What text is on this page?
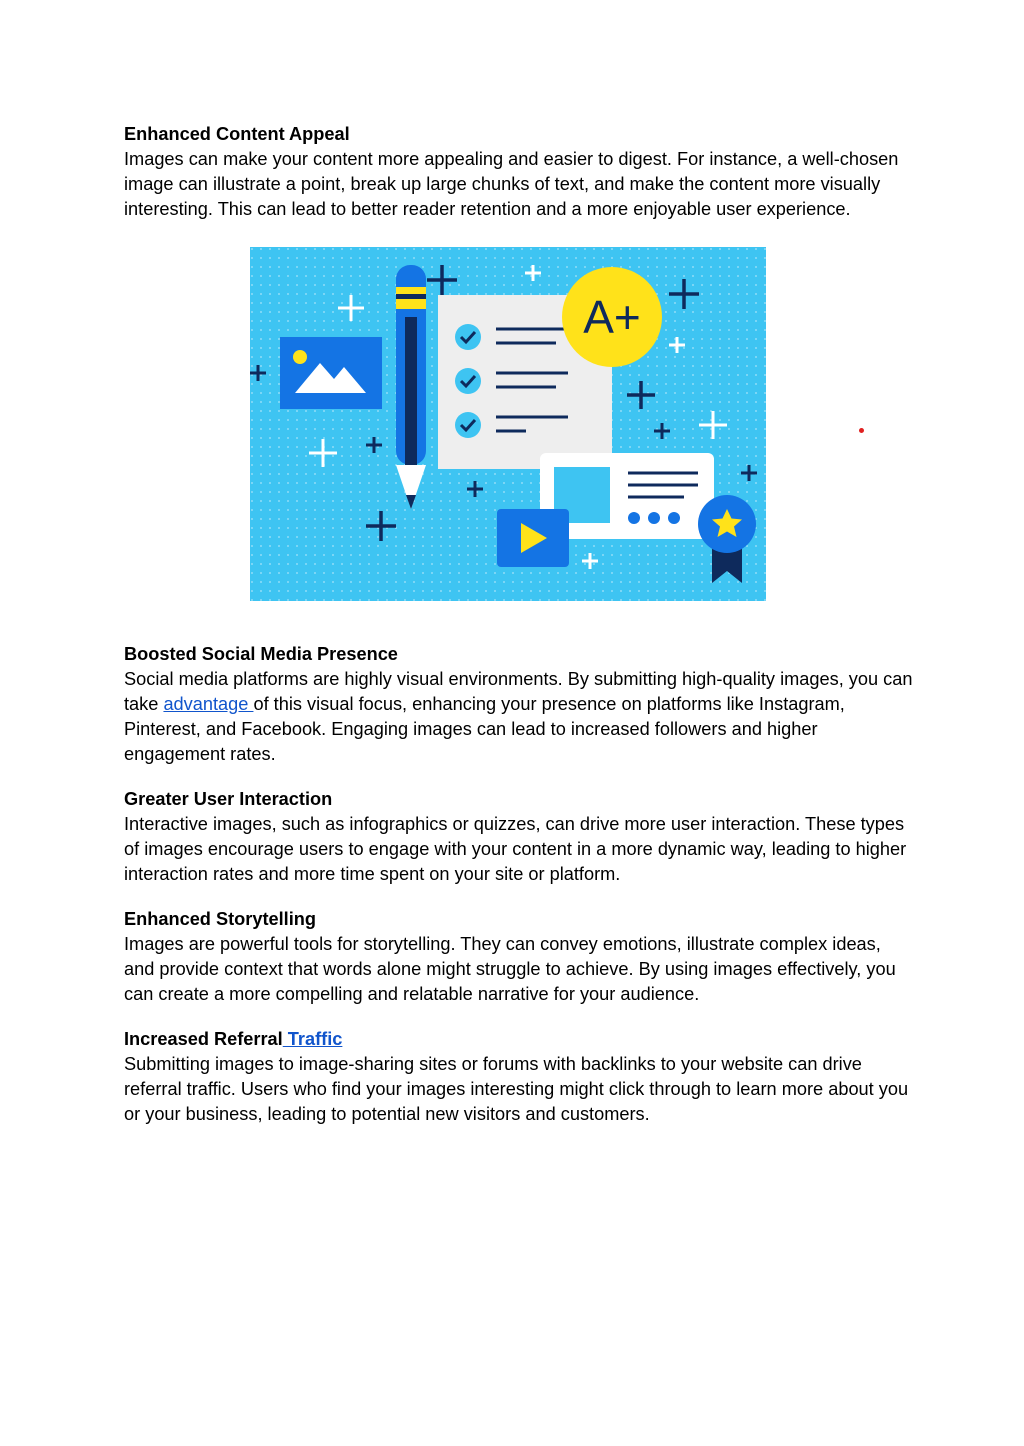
Enhanced Content Appeal

Images can make your content more appealing and easier to digest. For instance, a well-chosen image can illustrate a point, break up large chunks of text, and make the content more visually interesting. This can lead to better reader retention and a more enjoyable user experience.

A+

Boosted Social Media Presence

Social media platforms are highly visual environments. By submitting high-quality images, you can take advantage of this visual focus, enhancing your presence on platforms like Instagram, Pinterest, and Facebook. Engaging images can lead to increased followers and higher engagement rates.

Greater User Interaction

Interactive images, such as infographics or quizzes, can drive more user interaction. These types of images encourage users to engage with your content in a more dynamic way, leading to higher interaction rates and more time spent on your site or platform.

Enhanced Storytelling

Images are powerful tools for storytelling. They can convey emotions, illustrate complex ideas, and provide context that words alone might struggle to achieve. By using images effectively, you can create a more compelling and relatable narrative for your audience.

Increased Referral Traffic

Submitting images to image-sharing sites or forums with backlinks to your website can drive referral traffic. Users who find your images interesting might click through to learn more about you or your business, leading to potential new visitors and customers.
